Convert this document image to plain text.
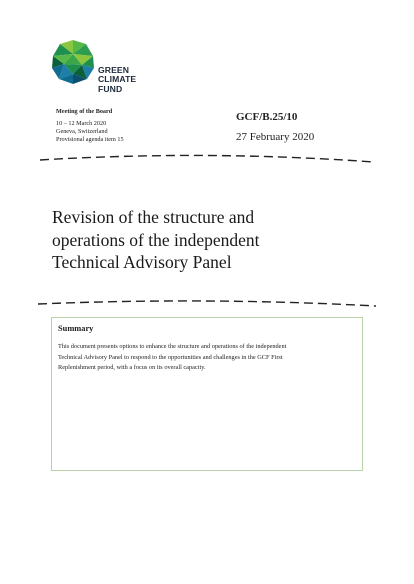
GREEN
CLIMATE
FUND
Meeting of the Board
10 – 12 March 2020
Geneva, Switzerland
Provisional agenda item 15
GCF/B.25/10
27 February 2020
Revision of the structure and
operations of the independent
Technical Advisory Panel
Summary
This document presents options to enhance the structure and operations of the independent
Technical Advisory Panel to respond to the opportunities and challenges in the GCF First
Replenishment period, with a focus on its overall capacity.
